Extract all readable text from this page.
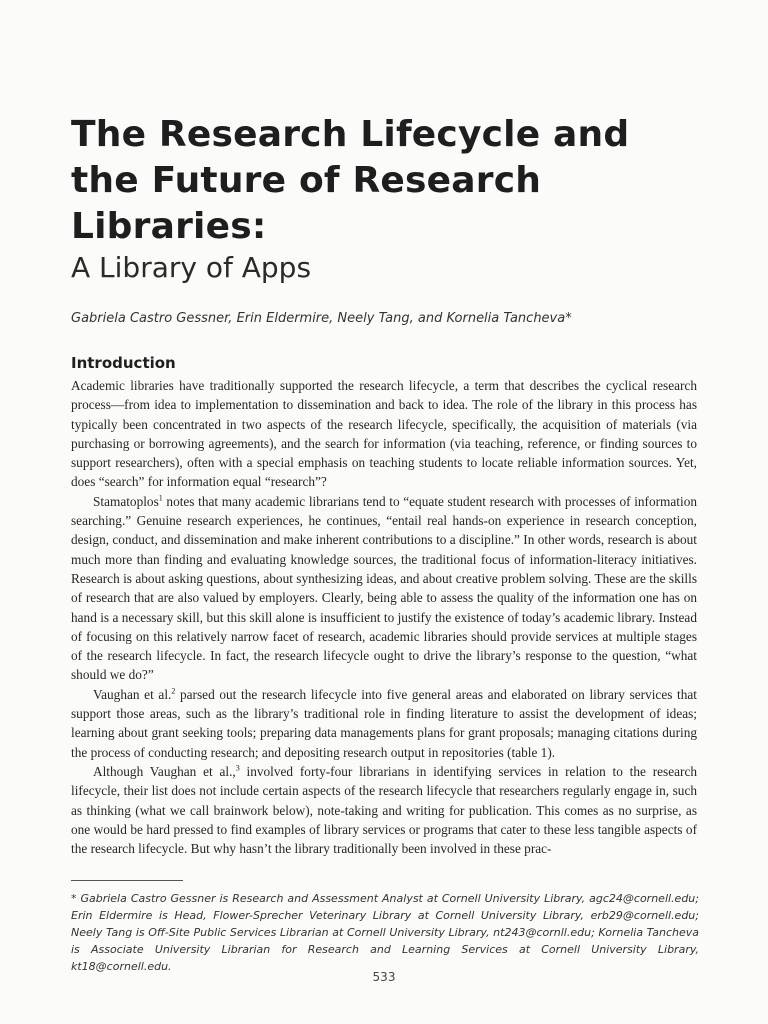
The Research Lifecycle and the Future of Research Libraries:
A Library of Apps

Gabriela Castro Gessner, Erin Eldermire, Neely Tang, and Kornelia Tancheva*

Introduction

Academic libraries have traditionally supported the research lifecycle, a term that describes the cyclical research process—from idea to implementation to dissemination and back to idea. The role of the library in this process has typically been concentrated in two aspects of the research lifecycle, specifically, the acquisition of materials (via purchasing or borrowing agreements), and the search for information (via teaching, reference, or finding sources to support researchers), often with a special emphasis on teaching students to locate reliable information sources. Yet, does “search” for information equal “research”?

Stamatoplos$^1$ notes that many academic librarians tend to “equate student research with processes of information searching.” Genuine research experiences, he continues, “entail real hands-on experience in research conception, design, conduct, and dissemination and make inherent contributions to a discipline.” In other words, research is about much more than finding and evaluating knowledge sources, the traditional focus of information-literacy initiatives. Research is about asking questions, about synthesizing ideas, and about creative problem solving. These are the skills of research that are also valued by employers. Clearly, being able to assess the quality of the information one has on hand is a necessary skill, but this skill alone is insufficient to justify the existence of today’s academic library. Instead of focusing on this relatively narrow facet of research, academic libraries should provide services at multiple stages of the research lifecycle. In fact, the research lifecycle ought to drive the library’s response to the question, “what should we do?”

Vaughan et al.$^2$ parsed out the research lifecycle into five general areas and elaborated on library services that support those areas, such as the library’s traditional role in finding literature to assist the development of ideas; learning about grant seeking tools; preparing data managements plans for grant proposals; managing citations during the process of conducting research; and depositing research output in repositories (table 1).

Although Vaughan et al.,$^3$ involved forty-four librarians in identifying services in relation to the research lifecycle, their list does not include certain aspects of the research lifecycle that researchers regularly engage in, such as thinking (what we call brainwork below), note-taking and writing for publication. This comes as no surprise, as one would be hard pressed to find examples of library services or programs that cater to these less tangible aspects of the research lifecycle. But why hasn’t the library traditionally been involved in these prac-

* Gabriela Castro Gessner is Research and Assessment Analyst at Cornell University Library, agc24@cornell.edu; Erin Eldermire is Head, Flower-Sprecher Veterinary Library at Cornell University Library, erb29@cornell.edu; Neely Tang is Off-Site Public Services Librarian at Cornell University Library, nt243@cornll.edu; Kornelia Tancheva is Associate University Librarian for Research and Learning Services at Cornell University Library, kt18@cornell.edu.

533
